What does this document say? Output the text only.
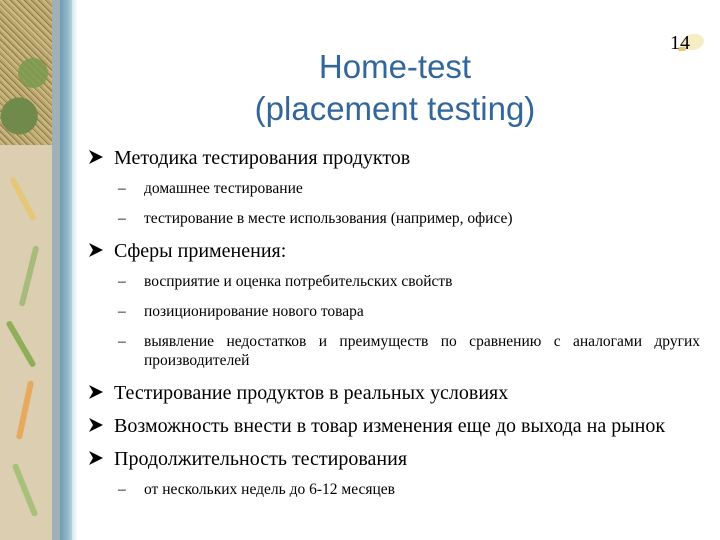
14
Home-test
(placement testing)
Методика тестирования продуктов
– домашнее тестирование
– тестирование в месте использования (например, офисе)
Сферы применения:
– восприятие и оценка потребительских свойств
– позиционирование нового товара
– выявление недостатков и преимуществ по сравнению с аналогами других производителей
Тестирование продуктов в реальных условиях
Возможность внести в товар изменения еще до выхода на рынок
Продолжительность тестирования
– от нескольких недель до 6-12 месяцев
